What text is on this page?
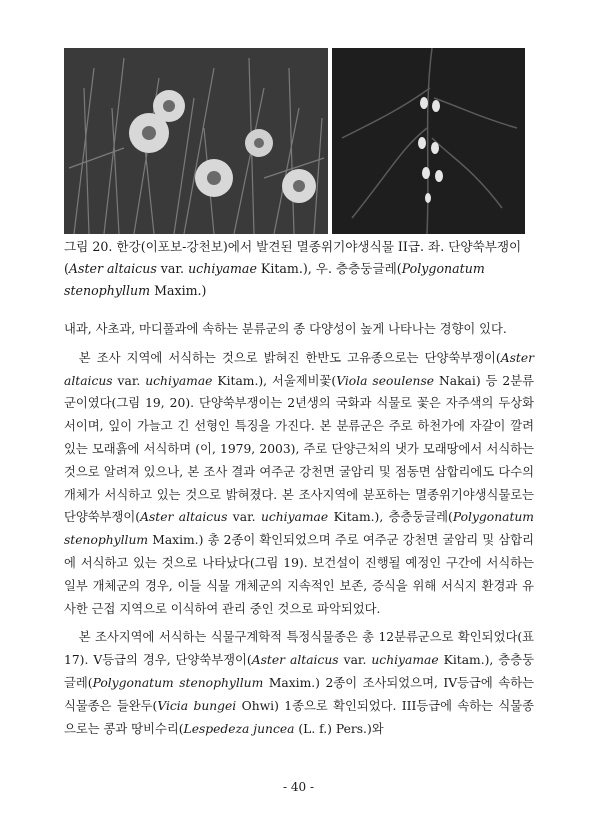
그림 20. 한강(이포보-강천보)에서 발견된 멸종위기야생식물 II급. 좌. 단양쑥부쟁이(Aster altaicus var. uchiyamae Kitam.), 우. 층층둥글레(Polygonatum stenophyllum Maxim.)

내과, 사초과, 마디풀과에 속하는 분류군의 종 다양성이 높게 나타나는 경향이 있다.

본 조사 지역에 서식하는 것으로 밝혀진 한반도 고유종으로는 단양쑥부쟁이(Aster altaicus var. uchiyamae Kitam.), 서울제비꽃(Viola seoulense Nakai) 등 2분류군이였다(그림 19, 20). 단양쑥부쟁이는 2년생의 국화과 식물로 꽃은 자주색의 두상화서이며, 잎이 가늘고 긴 선형인 특징을 가진다. 본 분류군은 주로 하천가에 자갈이 깔려있는 모래흙에 서식하며 (이, 1979, 2003), 주로 단양근처의 냇가 모래땅에서 서식하는 것으로 알려져 있으나, 본 조사 결과 여주군 강천면 굴암리 및 점동면 삼합리에도 다수의 개체가 서식하고 있는 것으로 밝혀졌다. 본 조사지역에 분포하는 멸종위기야생식물로는 단양쑥부쟁이(Aster altaicus var. uchiyamae Kitam.), 층층둥글레(Polygonatum stenophyllum Maxim.) 총 2종이 확인되었으며 주로 여주군 강천면 굴암리 및 삼합리에 서식하고 있는 것으로 나타났다(그림 19). 보건설이 진행될 예정인 구간에 서식하는 일부 개체군의 경우, 이들 식물 개체군의 지속적인 보존, 증식을 위해 서식지 환경과 유사한 근접 지역으로 이식하여 관리 중인 것으로 파악되었다.

본 조사지역에 서식하는 식물구계학적 특정식물종은 총 12분류군으로 확인되었다(표 17). V등급의 경우, 단양쑥부쟁이(Aster altaicus var. uchiyamae Kitam.), 층층둥글레(Polygonatum stenophyllum Maxim.) 2종이 조사되었으며, IV등급에 속하는 식물종은 들완두(Vicia bungei Ohwi) 1종으로 확인되었다. III등급에 속하는 식물종으로는 콩과 땅비수리(Lespedeza juncea (L. f.) Pers.)와

- 40 -
